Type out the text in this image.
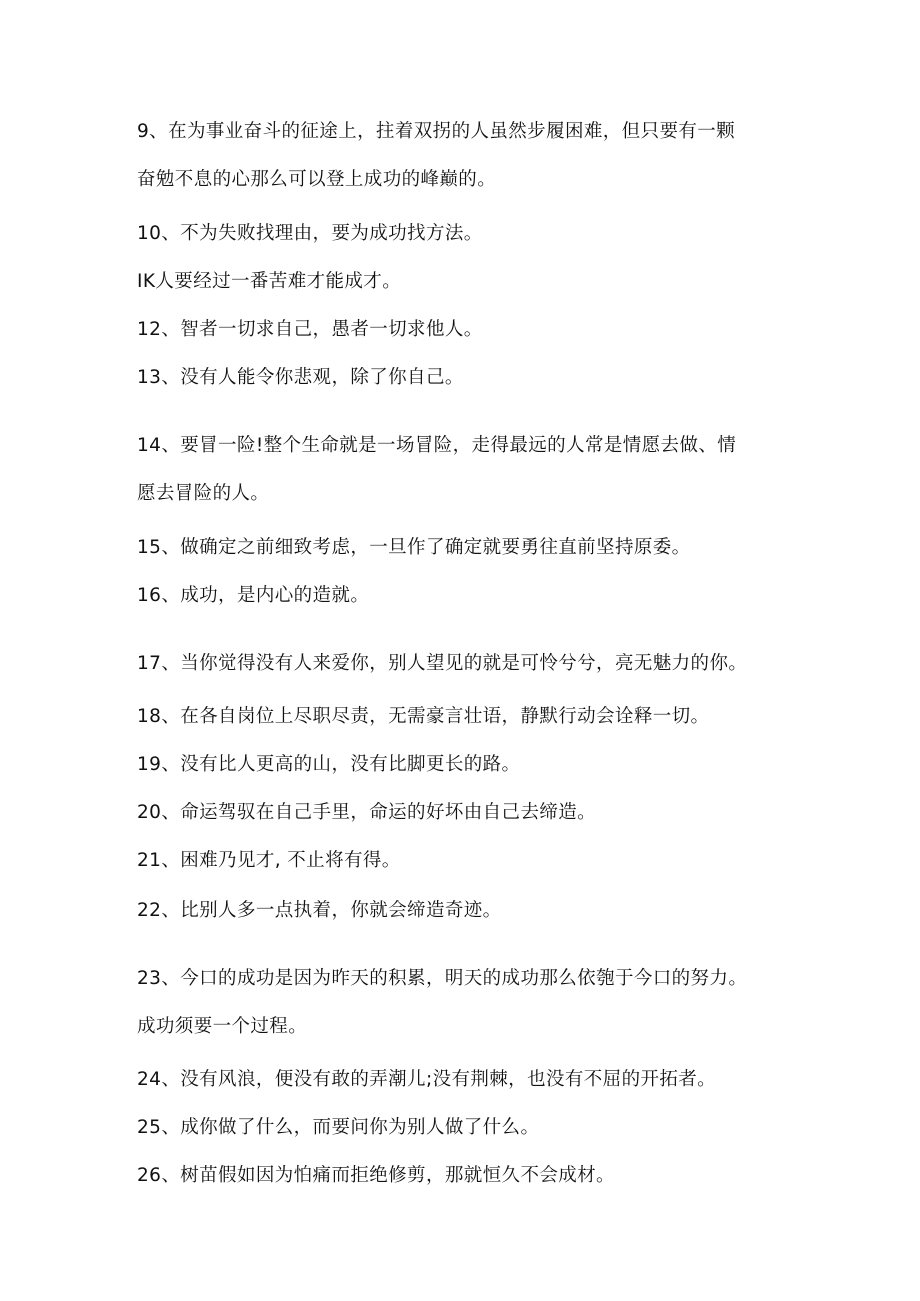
9、在为事业奋斗的征途上，拄着双拐的人虽然步履困难，但只要有一颗
奋勉不息的心那么可以登上成功的峰巅的。
10、不为失败找理由，要为成功找方法。
IK人要经过一番苦难才能成才。
12、智者一切求自己，愚者一切求他人。
13、没有人能令你悲观，除了你自己。
14、要冒一险!整个生命就是一场冒险，走得最远的人常是情愿去做、情
愿去冒险的人。
15、做确定之前细致考虑，一旦作了确定就要勇往直前坚持原委。
16、成功，是内心的造就。
17、当你觉得没有人来爱你，别人望见的就是可怜兮兮，亮无魅力的你。
18、在各自岗位上尽职尽责，无需豪言壮语，静默行动会诠释一切。
19、没有比人更高的山，没有比脚更长的路。
20、命运驾驭在自己手里，命运的好坏由自己去缔造。
21、困难乃见才, 不止将有得。
22、比别人多一点执着，你就会缔造奇迹。
23、今口的成功是因为昨天的积累，明天的成功那么依匏于今口的努力。
成功须要一个过程。
24、没有风浪，便没有敢的弄潮儿;没有荆棘，也没有不屈的开拓者。
25、成你做了什么，而要问你为别人做了什么。
26、树苗假如因为怕痛而拒绝修剪，那就恒久不会成材。
